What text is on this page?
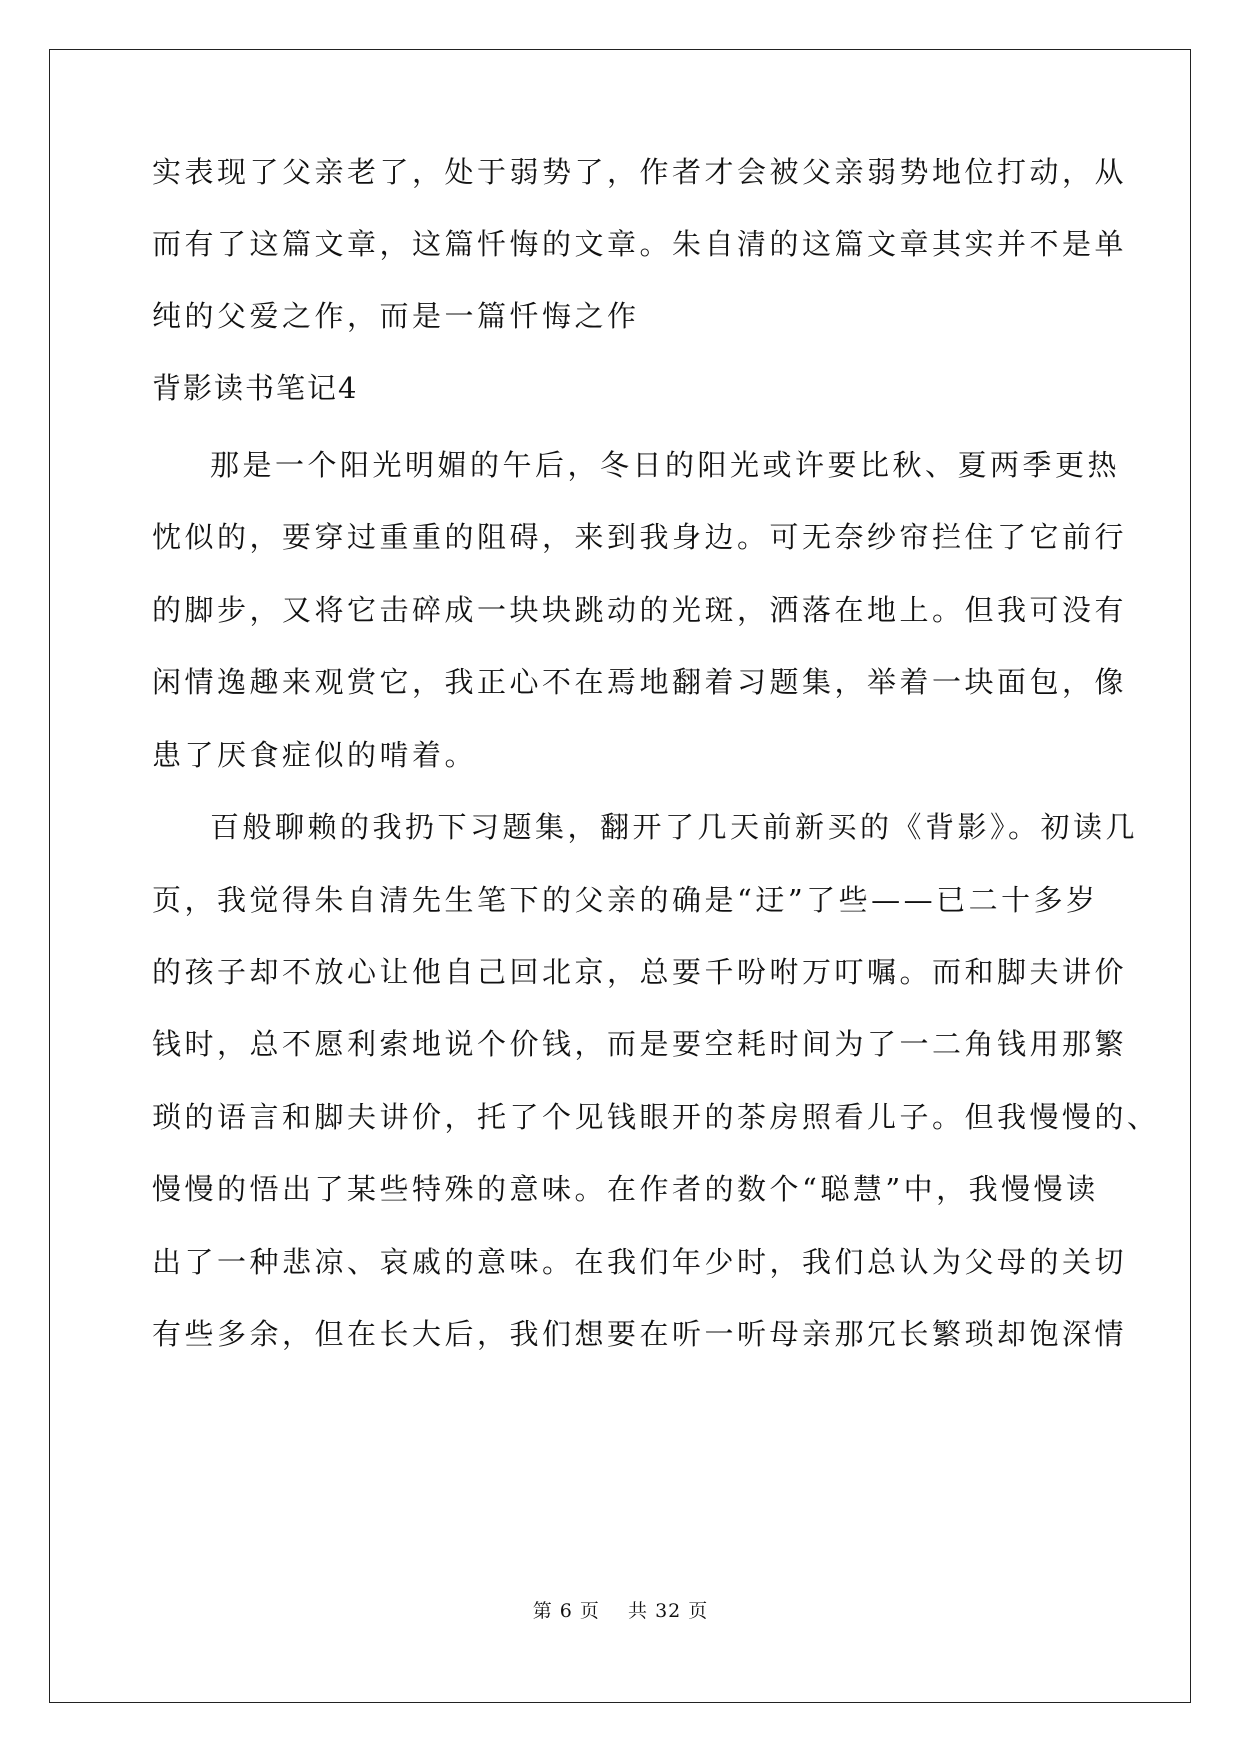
实表现了父亲老了，处于弱势了，作者才会被父亲弱势地位打动，从
而有了这篇文章，这篇忏悔的文章。朱自清的这篇文章其实并不是单
纯的父爱之作，而是一篇忏悔之作
背影读书笔记4
那是一个阳光明媚的午后，冬日的阳光或许要比秋、夏两季更热
忱似的，要穿过重重的阻碍，来到我身边。可无奈纱帘拦住了它前行
的脚步，又将它击碎成一块块跳动的光斑，洒落在地上。但我可没有
闲情逸趣来观赏它，我正心不在焉地翻着习题集，举着一块面包，像
患了厌食症似的啃着。
百般聊赖的我扔下习题集，翻开了几天前新买的《背影》。初读几
页，我觉得朱自清先生笔下的父亲的确是“迂”了些——已二十多岁
的孩子却不放心让他自己回北京，总要千吩咐万叮嘱。而和脚夫讲价
钱时，总不愿利索地说个价钱，而是要空耗时间为了一二角钱用那繁
琐的语言和脚夫讲价，托了个见钱眼开的茶房照看儿子。但我慢慢的、
慢慢的悟出了某些特殊的意味。在作者的数个“聪慧”中，我慢慢读
出了一种悲凉、哀戚的意味。在我们年少时，我们总认为父母的关切
有些多余，但在长大后，我们想要在听一听母亲那冗长繁琐却饱深情
第 6 页    共 32 页
